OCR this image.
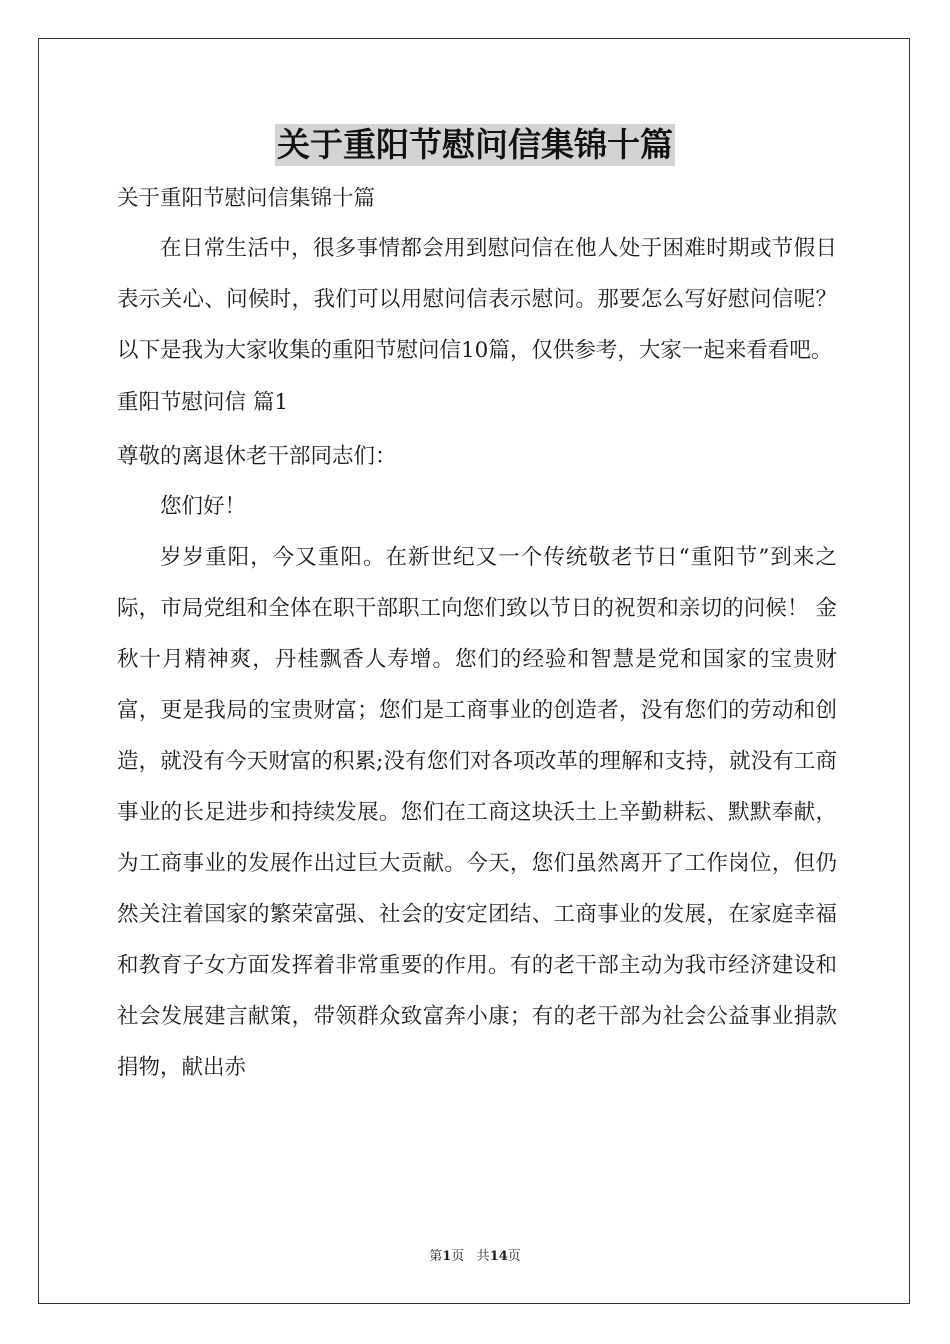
关于重阳节慰问信集锦十篇
关于重阳节慰问信集锦十篇

在日常生活中，很多事情都会用到慰问信在他人处于困难时期或节假日表示关心、问候时，我们可以用慰问信表示慰问。那要怎么写好慰问信呢？以下是我为大家收集的重阳节慰问信10篇，仅供参考，大家一起来看看吧。

重阳节慰问信 篇1
尊敬的离退休老干部同志们：

您们好！

岁岁重阳，今又重阳。在新世纪又一个传统敬老节日“重阳节”到来之际，市局党组和全体在职干部职工向您们致以节日的祝贺和亲切的问候！ 金秋十月精神爽，丹桂飘香人寿增。您们的经验和智慧是党和国家的宝贵财富，更是我局的宝贵财富；您们是工商事业的创造者，没有您们的劳动和创造，就没有今天财富的积累;没有您们对各项改革的理解和支持，就没有工商事业的长足进步和持续发展。您们在工商这块沃土上辛勤耕耘、默默奉献，为工商事业的发展作出过巨大贡献。今天，您们虽然离开了工作岗位，但仍然关注着国家的繁荣富强、社会的安定团结、工商事业的发展，在家庭幸福和教育子女方面发挥着非常重要的作用。有的老干部主动为我市经济建设和社会发展建言献策，带领群众致富奔小康；有的老干部为社会公益事业捐款捐物，献出赤

第1页 共14页
